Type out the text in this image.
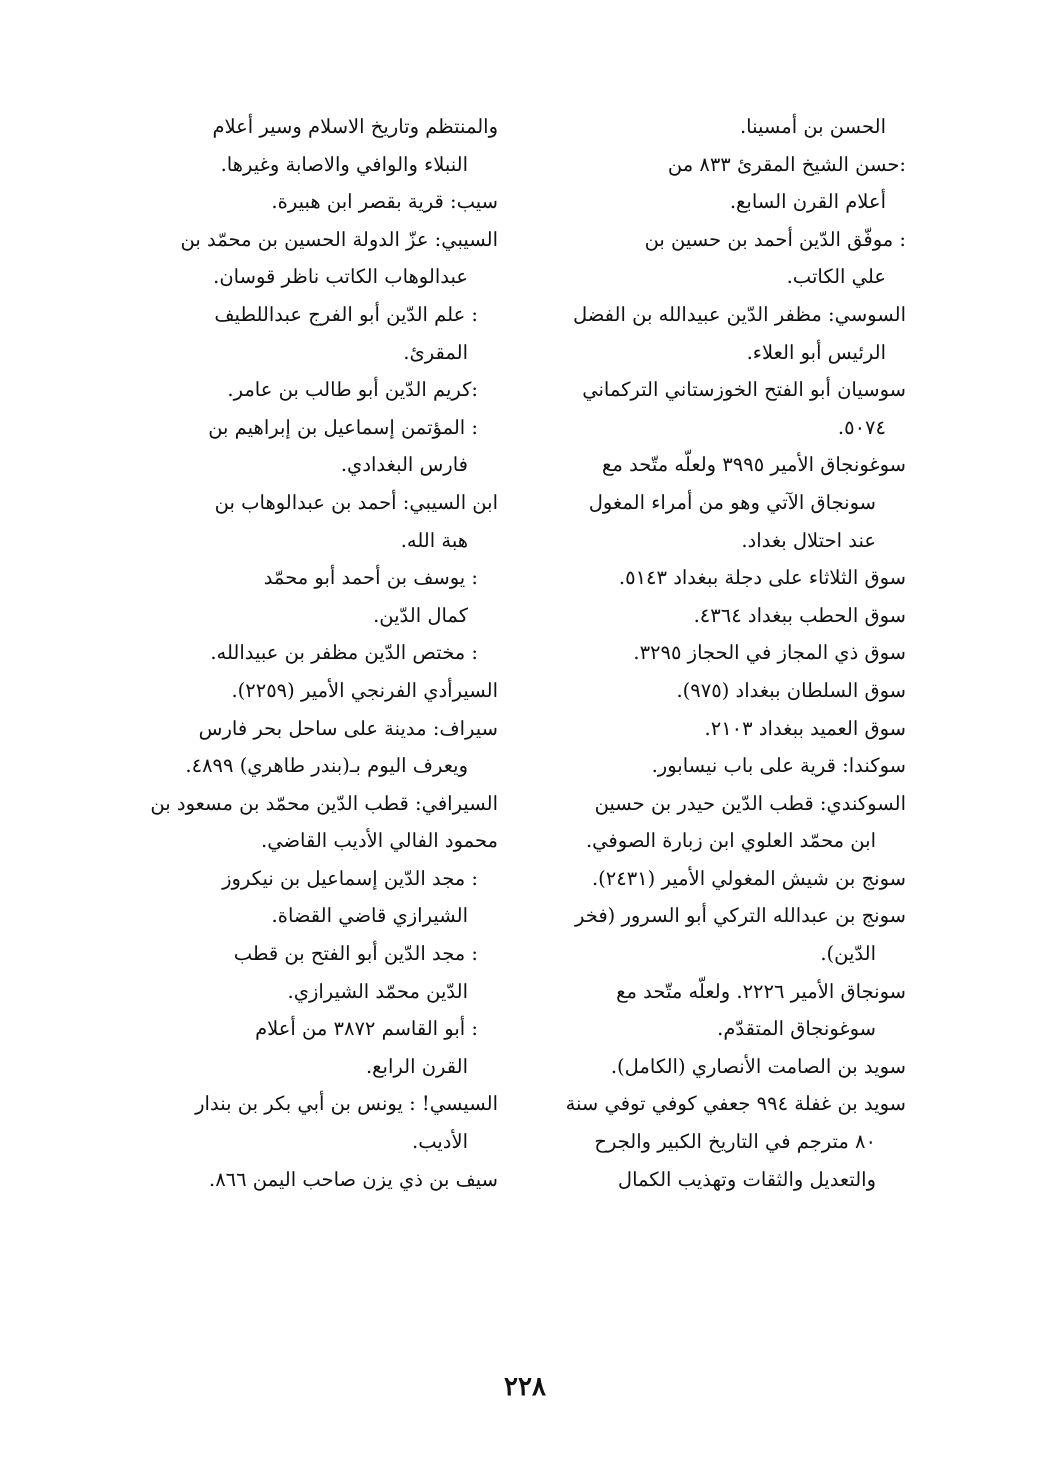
الحسن بن أمسينا.
:حسن الشيخ المقرئ ٨٣٣ من
أعلام القرن السابع.
: موفّق الدّين أحمد بن حسين بن
علي الكاتب.
السوسي: مظفر الدّين عبيدالله بن الفضل
الرئيس أبو العلاء.
سوسيان أبو الفتح الخوزستاني التركماني
٥٠٧٤.
سوغونجاق الأمير ٣٩٩٥ ولعلّه متّحد مع
سونجاق الآتي وهو من أمراء المغول
عند احتلال بغداد.
سوق الثلاثاء على دجلة ببغداد ٥١٤٣.
سوق الحطب ببغداد ٤٣٦٤.
سوق ذي المجاز في الحجاز ٣٢٩٥.
سوق السلطان ببغداد (٩٧٥).
سوق العميد ببغداد ٢١٠٣.
سوكندا: قرية على باب نيسابور.
السوكندي: قطب الدّين حيدر بن حسين
ابن محمّد العلوي ابن زبارة الصوفي.
سونج بن شيش المغولي الأمير (٢٤٣١).
سونج بن عبدالله التركي أبو السرور (فخر
الدّين).
سونجاق الأمير ٢٢٢٦. ولعلّه متّحد مع
سوغونجاق المتقدّم.
سويد بن الصامت الأنصاري (الكامل).
سويد بن غفلة ٩٩٤ جعفي كوفي توفي سنة
٨٠ مترجم في التاريخ الكبير والجرح
والتعديل والثقات وتهذيب الكمال
والمنتظم وتاريخ الاسلام وسير أعلام
النبلاء والوافي والاصابة وغيرها.
سيب: قرية بقصر ابن هبيرة.
السيبي: عزّ الدولة الحسين بن محمّد بن
عبدالوهاب الكاتب ناظر قوسان.
: علم الدّين أبو الفرج عبداللطيف
المقرئ.
:كريم الدّين أبو طالب بن عامر.
: المؤتمن إسماعيل بن إبراهيم بن
فارس البغدادي.
ابن السيبي: أحمد بن عبدالوهاب بن
هبة الله.
: يوسف بن أحمد أبو محمّد
كمال الدّين.
: مختص الدّين مظفر بن عبيدالله.
السيرأدي الفرنجي الأمير (٢٢٥٩).
سيراف: مدينة على ساحل بحر فارس
ويعرف اليوم بـ(بندر طاهري) ٤٨٩٩.
السيرافي: قطب الدّين محمّد بن مسعود بن
محمود الفالي الأديب القاضي.
: مجد الدّين إسماعيل بن نيكروز
الشيرازي قاضي القضاة.
: مجد الدّين أبو الفتح بن قطب
الدّين محمّد الشيرازي.
: أبو القاسم ٣٨٧٢ من أعلام
القرن الرابع.
السيسي! : يونس بن أبي بكر بن بندار
الأديب.
سيف بن ذي يزن صاحب اليمن ٨٦٦.
٢٢٨
